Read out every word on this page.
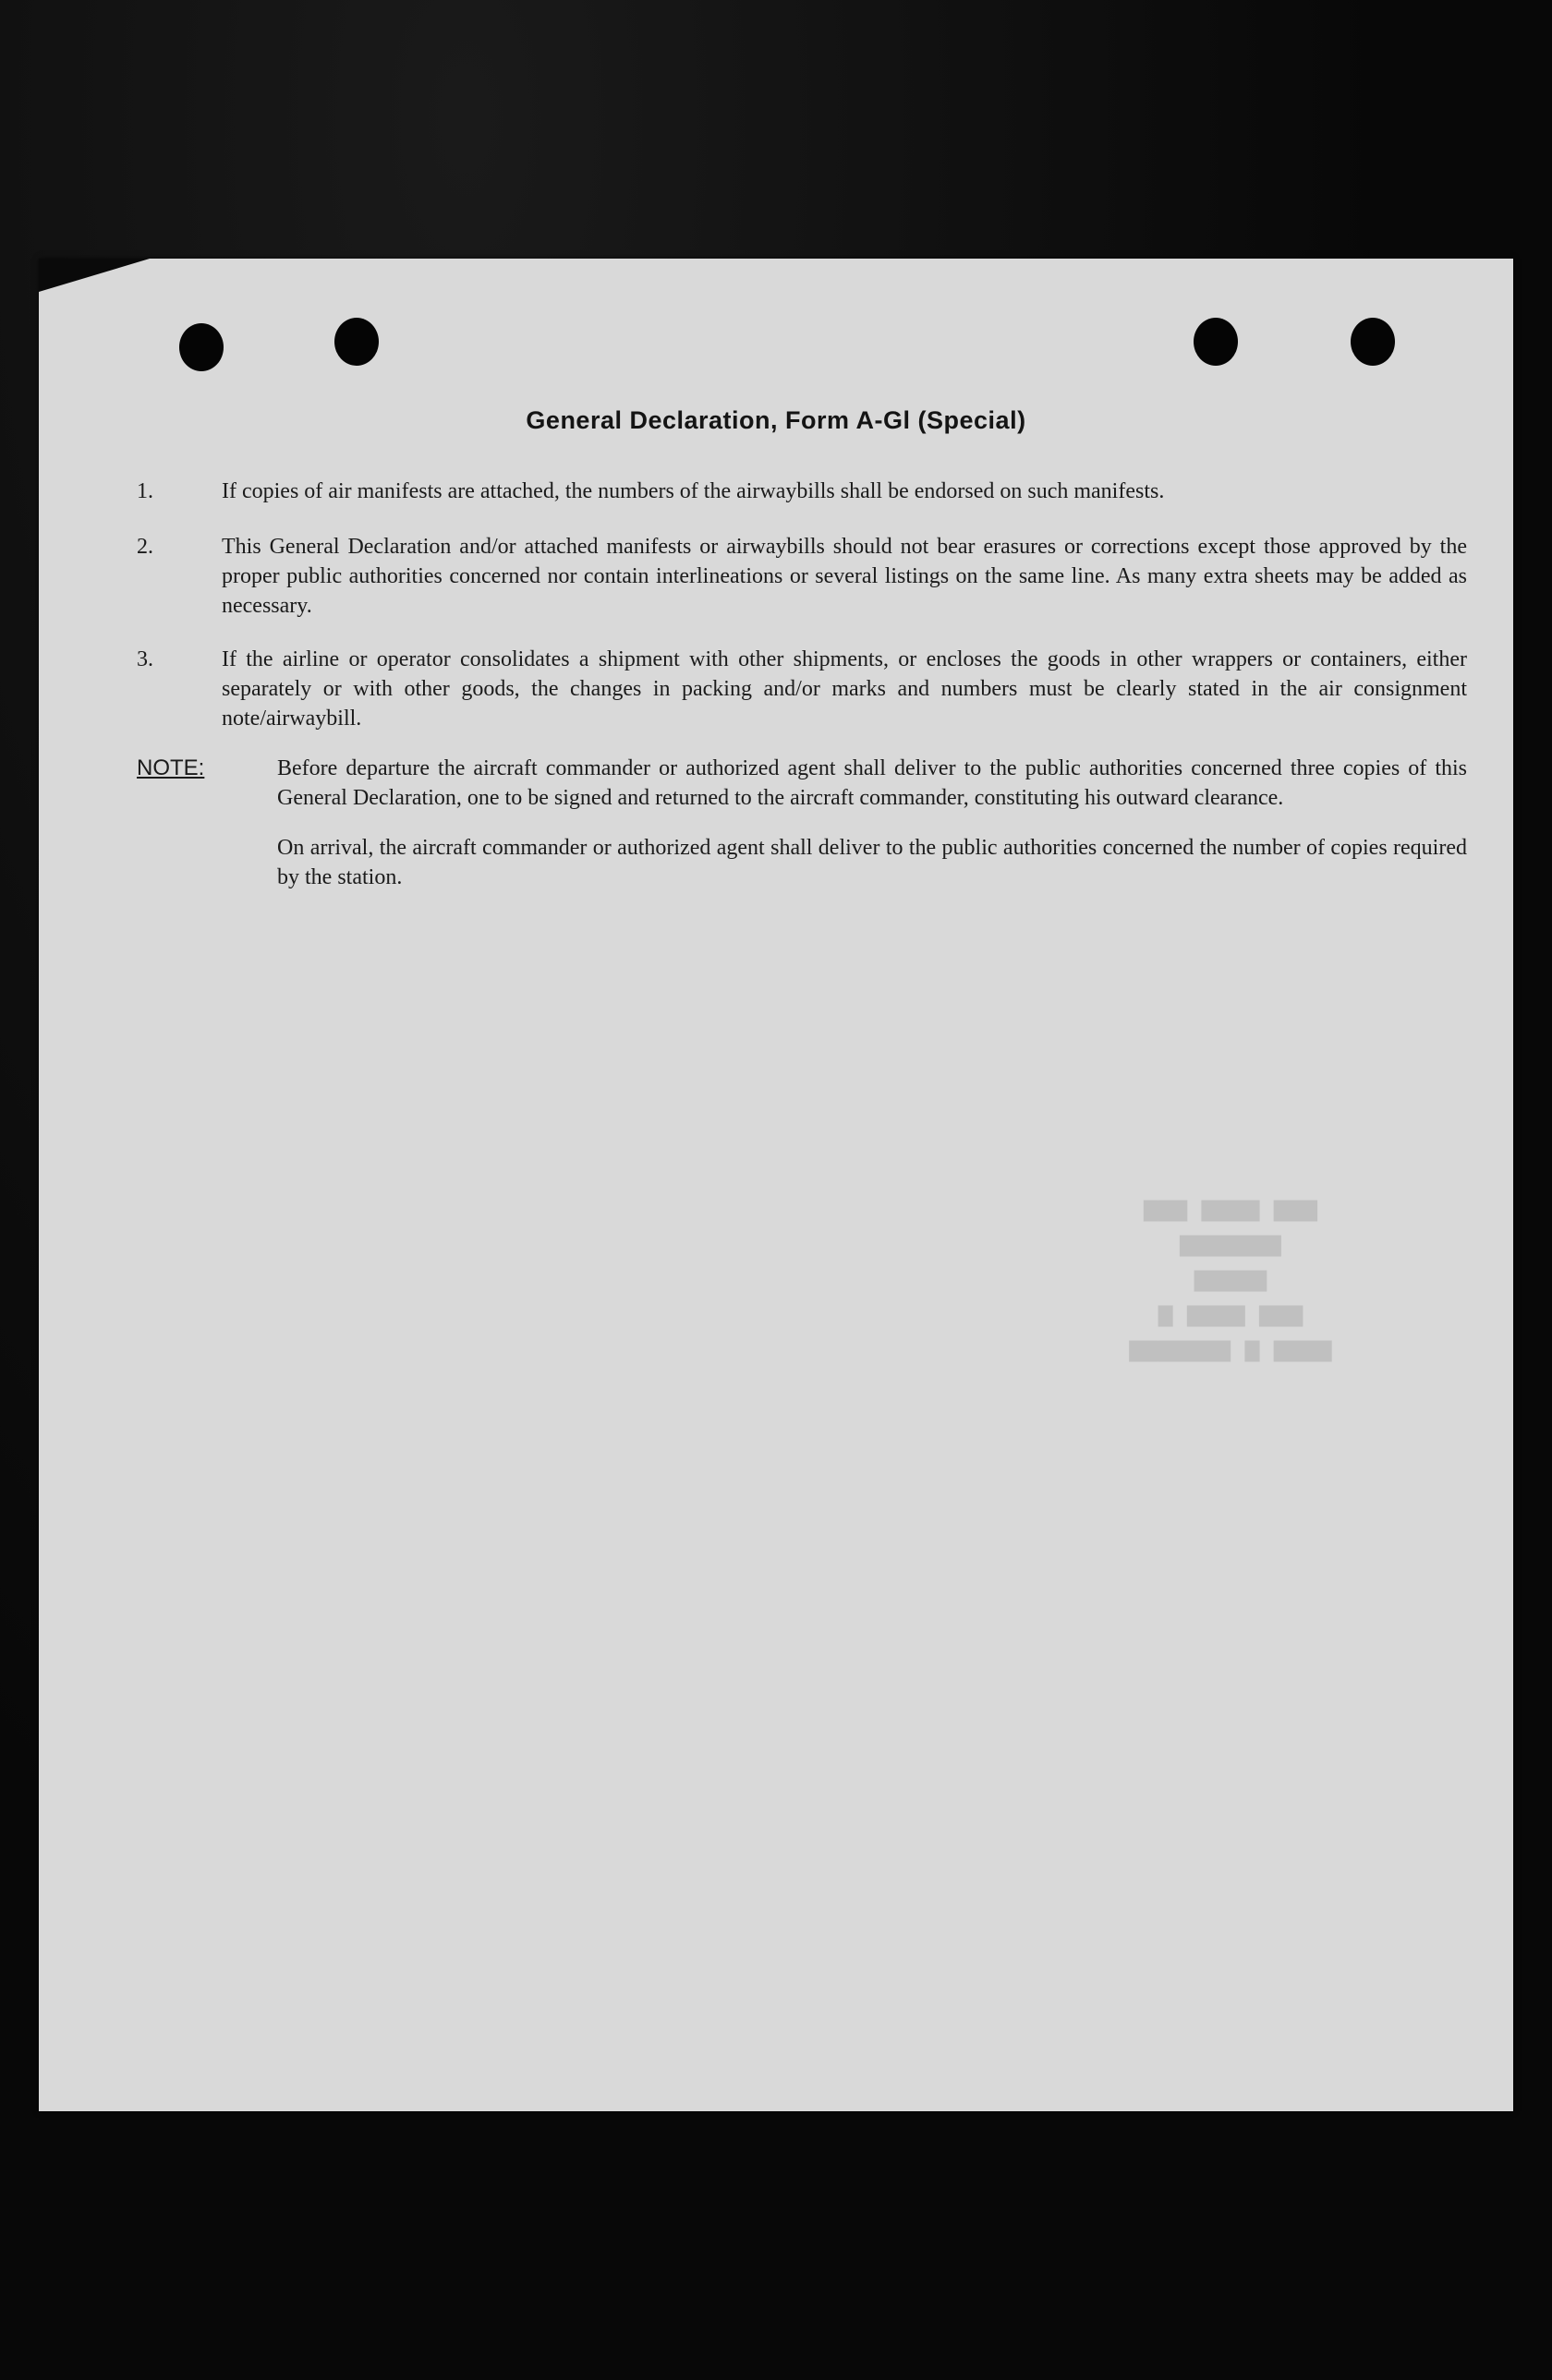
General Declaration, Form A-Gl (Special)
1.	If copies of air manifests are attached, the numbers of the airwaybills shall be endorsed on such manifests.
2.	This General Declaration and/or attached manifests or airwaybills should not bear erasures or corrections except those approved by the proper public authorities concerned nor contain interlineations or several listings on the same line. As many extra sheets may be added as necessary.
3.	If the airline or operator consolidates a shipment with other shipments, or encloses the goods in other wrappers or containers, either separately or with other goods, the changes in packing and/or marks and numbers must be clearly stated in the air consignment note/airwaybill.
NOTE:	Before departure the aircraft commander or authorized agent shall deliver to the public authorities concerned three copies of this General Declaration, one to be signed and returned to the aircraft commander, constituting his outward clearance.
On arrival, the aircraft commander or authorized agent shall deliver to the public authorities concerned the number of copies required by the station.
▆▆▆ ▆▆▆▆ ▆▆▆
▆▆▆▆▆▆▆
▆▆▆▆▆
▆▆▆ ▆▆▆▆ ▆
▆▆▆▆ ▆ ▆▆▆▆▆▆▆
